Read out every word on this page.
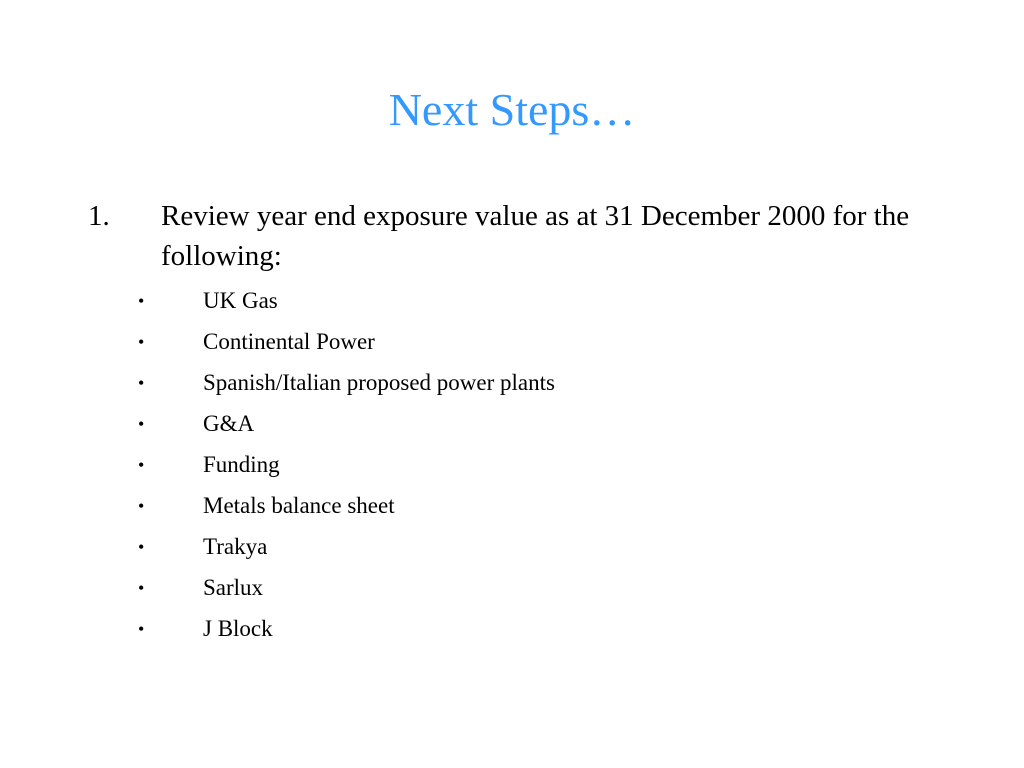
Next Steps…
1. Review year end exposure value as at 31 December 2000 for the following:
•	UK Gas
•	Continental Power
•	Spanish/Italian proposed power plants
•	G&A
•	Funding
•	Metals balance sheet
•	Trakya
•	Sarlux
•	J Block
